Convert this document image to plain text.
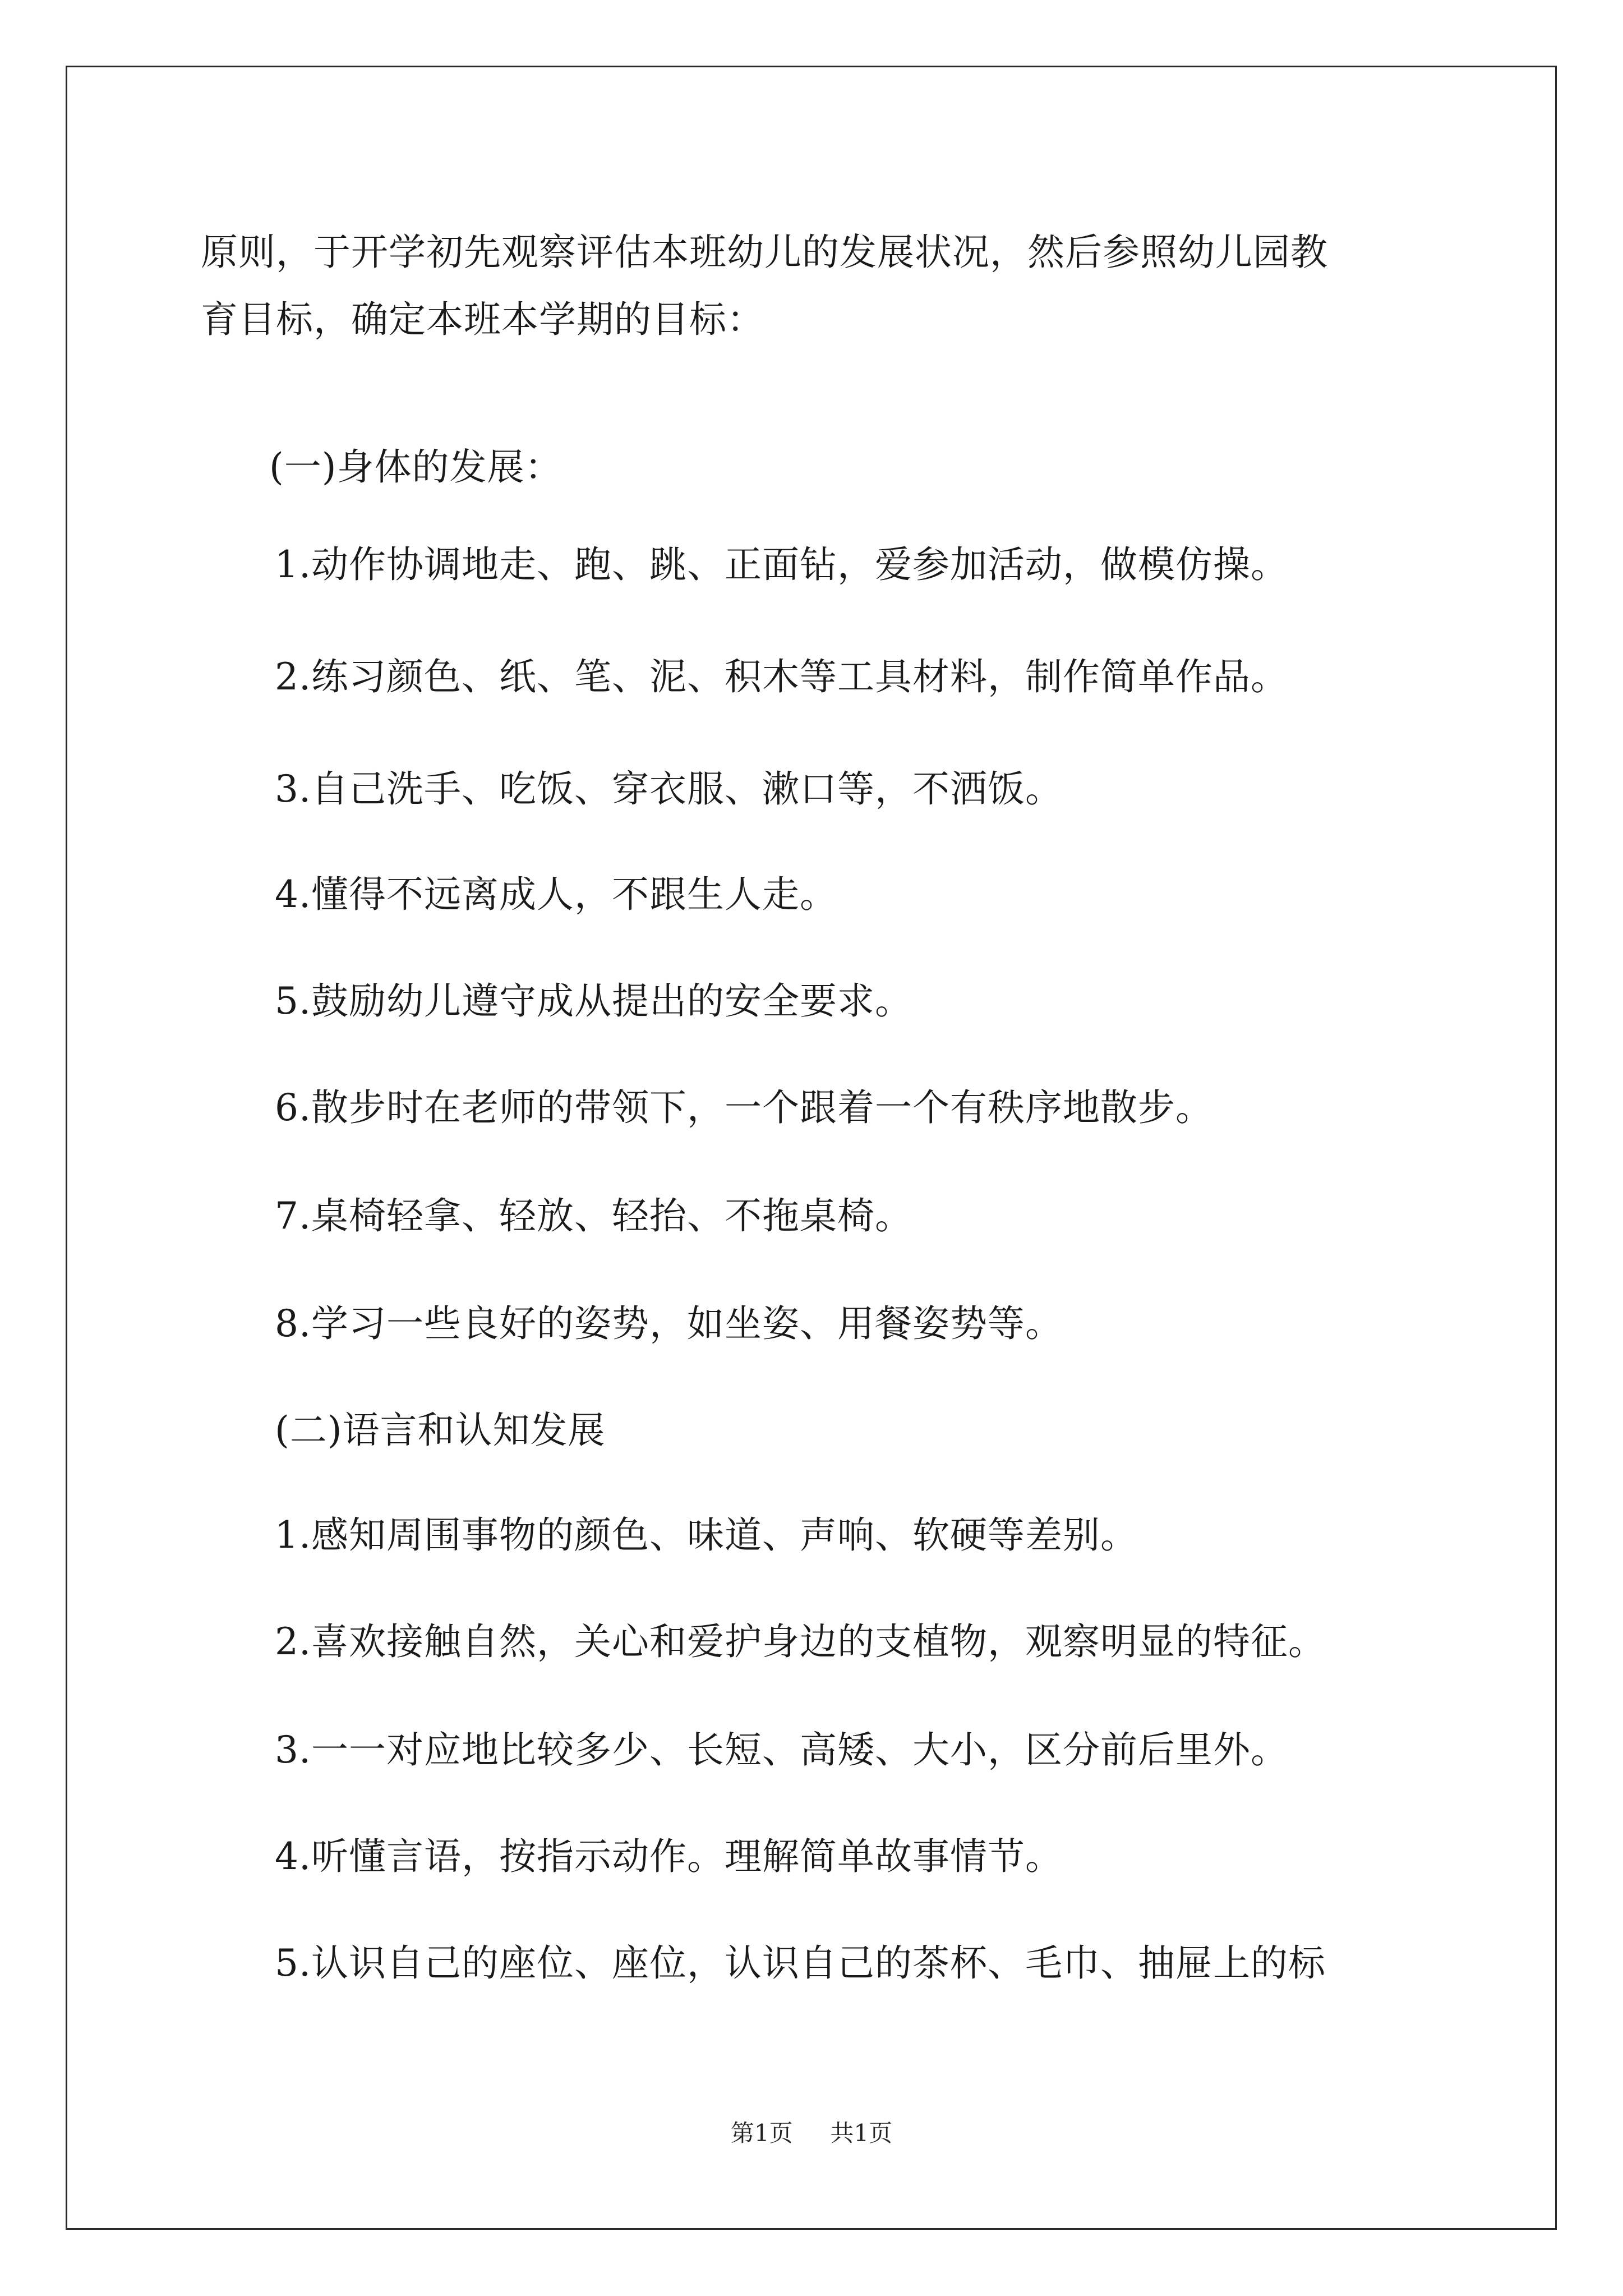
原则，于开学初先观察评估本班幼儿的发展状况，然后参照幼儿园教
育目标，确定本班本学期的目标：
(一)身体的发展：
1.动作协调地走、跑、跳、正面钻，爱参加活动，做模仿操。
2.练习颜色、纸、笔、泥、积木等工具材料，制作简单作品。
3.自己洗手、吃饭、穿衣服、漱口等，不洒饭。
4.懂得不远离成人，不跟生人走。
5.鼓励幼儿遵守成从提出的安全要求。
6.散步时在老师的带领下，一个跟着一个有秩序地散步。
7.桌椅轻拿、轻放、轻抬、不拖桌椅。
8.学习一些良好的姿势，如坐姿、用餐姿势等。
(二)语言和认知发展
1.感知周围事物的颜色、味道、声响、软硬等差别。
2.喜欢接触自然，关心和爱护身边的支植物，观察明显的特征。
3.一一对应地比较多少、长短、高矮、大小，区分前后里外。
4.听懂言语，按指示动作。理解简单故事情节。
5.认识自己的座位、座位，认识自己的茶杯、毛巾、抽屉上的标
第1页 共1页
